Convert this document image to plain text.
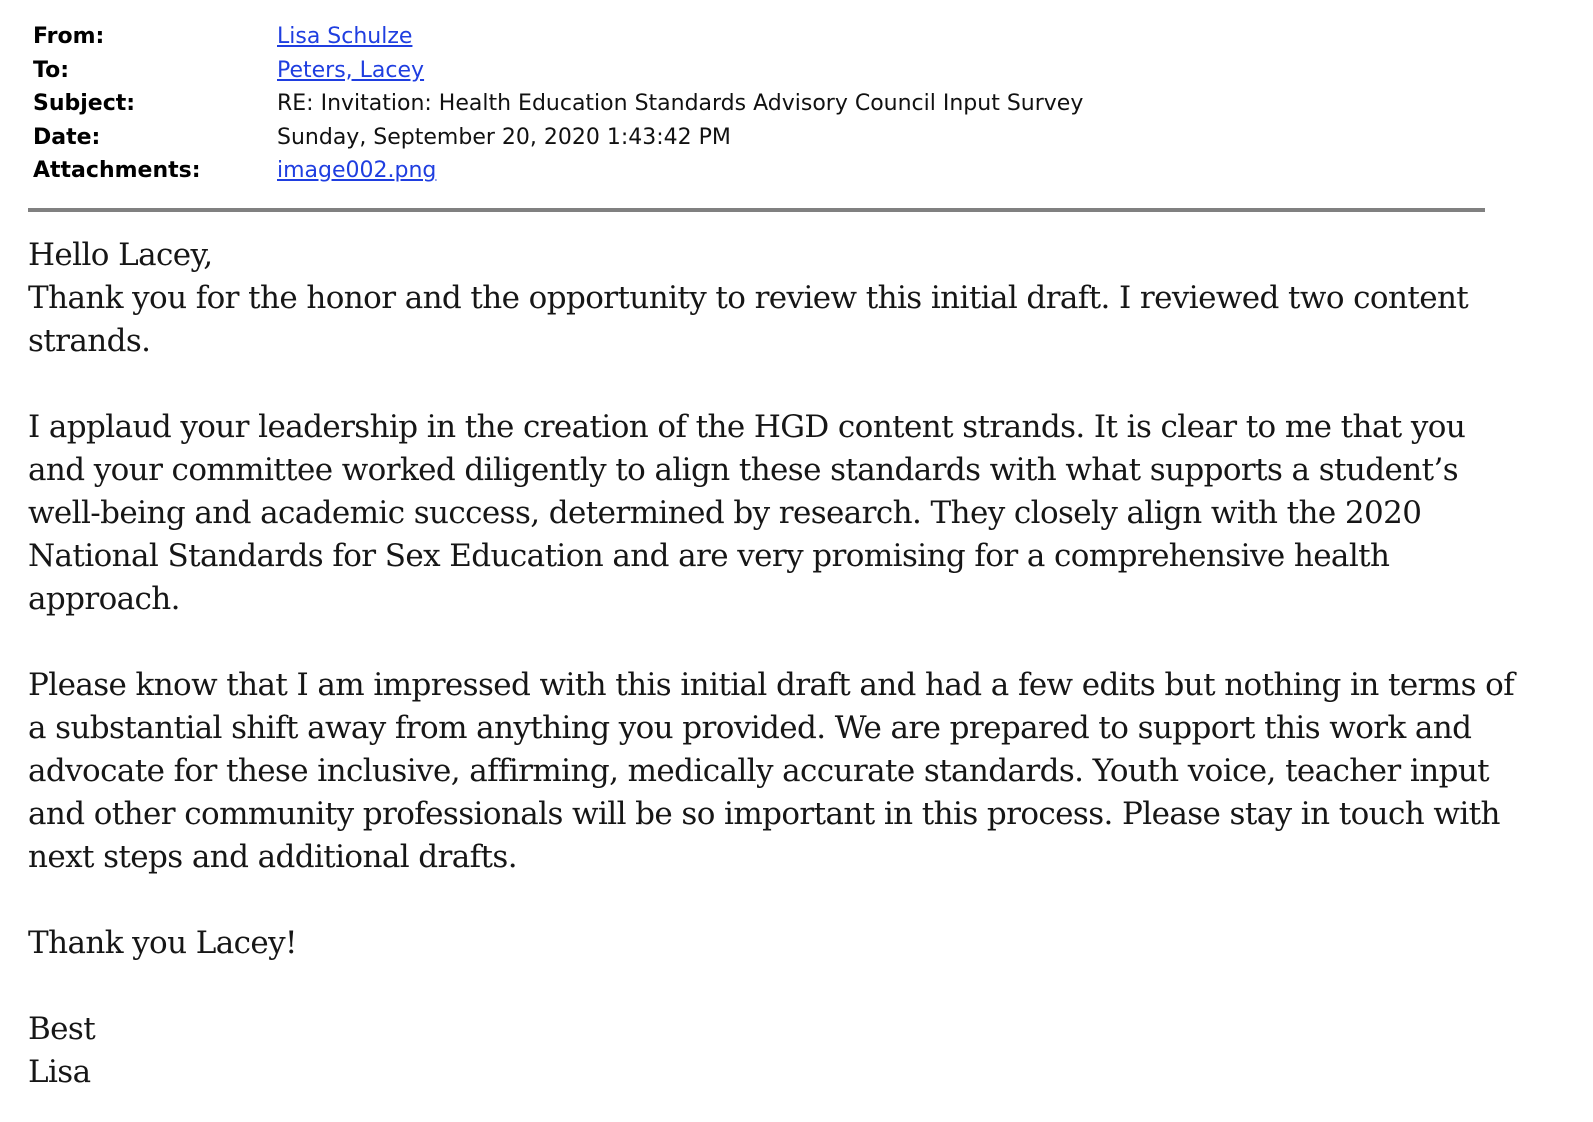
From:	Lisa Schulze
To:	Peters, Lacey
Subject:	RE: Invitation: Health Education Standards Advisory Council Input Survey
Date:	Sunday, September 20, 2020 1:43:42 PM
Attachments:	image002.png
Hello Lacey,
Thank you for the honor and the opportunity to review this initial draft. I reviewed two content
strands.
I applaud your leadership in the creation of the HGD content strands. It is clear to me that you
and your committee worked diligently to align these standards with what supports a student’s
well-being and academic success, determined by research. They closely align with the 2020
National Standards for Sex Education and are very promising for a comprehensive health
approach.
Please know that I am impressed with this initial draft and had a few edits but nothing in terms of
a substantial shift away from anything you provided. We are prepared to support this work and
advocate for these inclusive, affirming, medically accurate standards. Youth voice, teacher input
and other community professionals will be so important in this process. Please stay in touch with
next steps and additional drafts.
Thank you Lacey!
Best
Lisa
